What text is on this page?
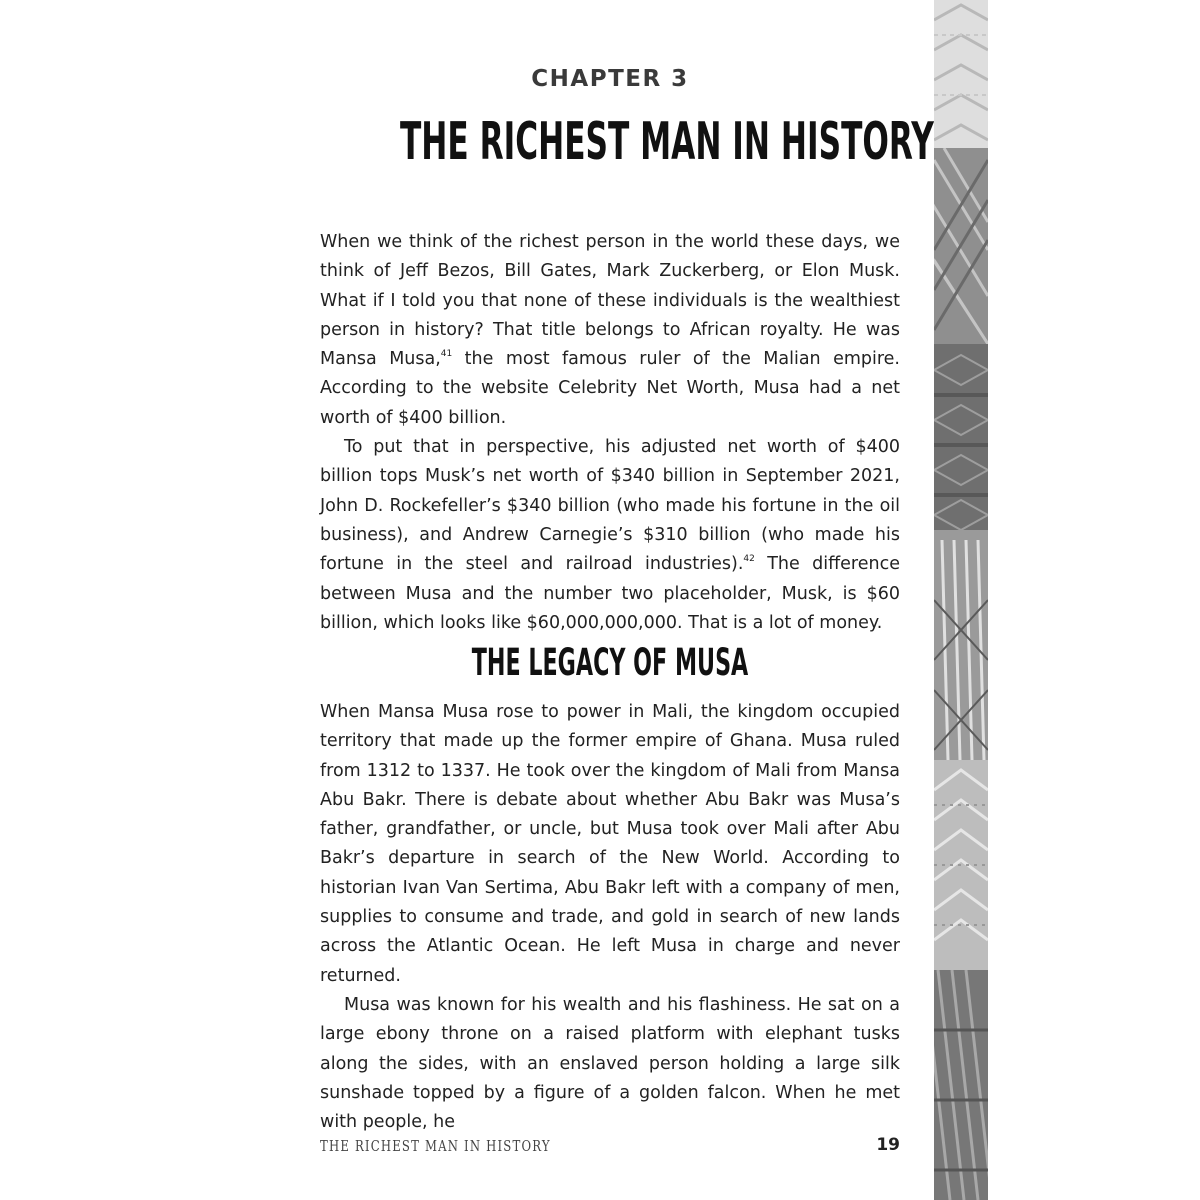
CHAPTER 3
THE RICHEST MAN IN HISTORY

When we think of the richest person in the world these days, we think of Jeff Bezos, Bill Gates, Mark Zuckerberg, or Elon Musk. What if I told you that none of these individuals is the wealthiest person in history? That title belongs to African royalty. He was Mansa Musa,$^{41}$ the most famous ruler of the Malian empire. According to the website Celebrity Net Worth, Musa had a net worth of $400 billion.

To put that in perspective, his adjusted net worth of $400 billion tops Musk’s net worth of $340 billion in September 2021, John D. Rockefeller’s $340 billion (who made his fortune in the oil business), and Andrew Carnegie’s $310 billion (who made his fortune in the steel and railroad industries).$^{42}$ The difference between Musa and the number two placeholder, Musk, is $60 billion, which looks like $60,000,000,000. That is a lot of money.

THE LEGACY OF MUSA

When Mansa Musa rose to power in Mali, the kingdom occupied territory that made up the former empire of Ghana. Musa ruled from 1312 to 1337. He took over the kingdom of Mali from Mansa Abu Bakr. There is debate about whether Abu Bakr was Musa’s father, grandfather, or uncle, but Musa took over Mali after Abu Bakr’s departure in search of the New World. According to historian Ivan Van Sertima, Abu Bakr left with a company of men, supplies to consume and trade, and gold in search of new lands across the Atlantic Ocean. He left Musa in charge and never returned.

Musa was known for his wealth and his flashiness. He sat on a large ebony throne on a raised platform with elephant tusks along the sides, with an enslaved person holding a large silk sunshade topped by a figure of a golden falcon. When he met with people, he

THE RICHEST MAN IN HISTORY	19
